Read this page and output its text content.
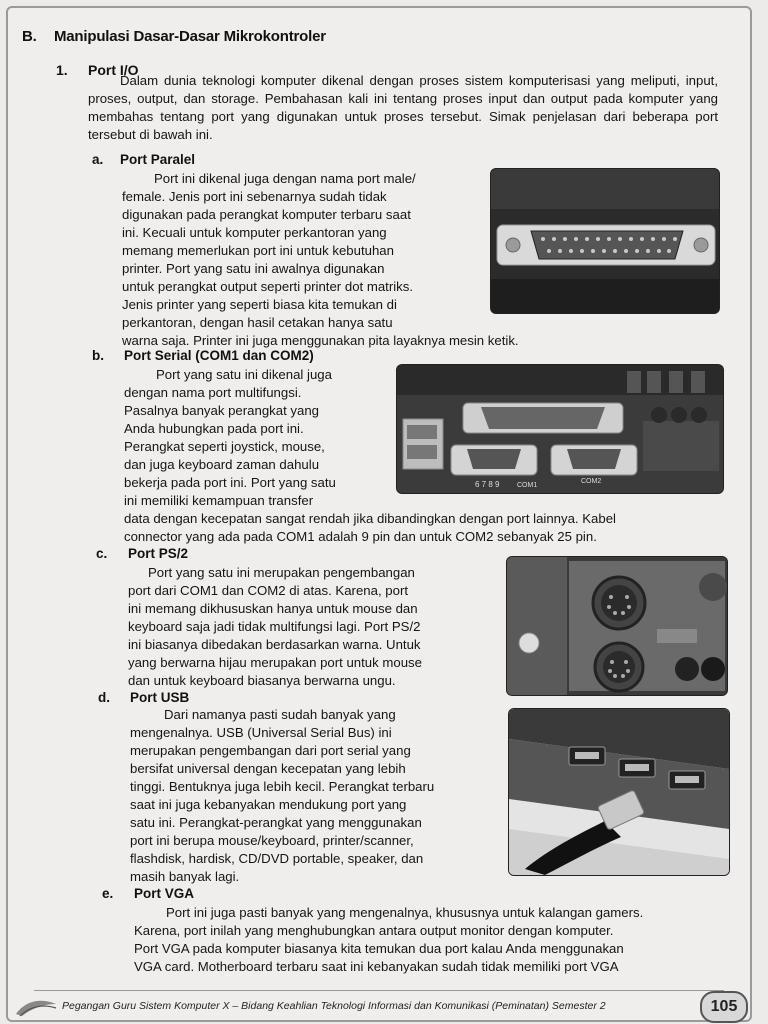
B. Manipulasi Dasar-Dasar Mikrokontroler
1. Port I/O

Dalam dunia teknologi komputer dikenal dengan proses sistem komputerisasi yang meliputi, input, proses, output, dan storage. Pembahasan kali ini tentang proses input dan output pada komputer yang membahas tentang port yang digunakan untuk proses tersebut. Simak penjelasan dari beberapa port tersebut di bawah ini.

a. Port Paralel

Port ini dikenal juga dengan nama port male/

female. Jenis port ini sebenarnya sudah tidak

digunakan pada perangkat komputer terbaru saat

ini. Kecuali untuk komputer perkantoran yang

memang memerlukan port ini untuk kebutuhan

printer. Port yang satu ini awalnya digunakan

untuk perangkat output seperti printer dot matriks.

Jenis printer yang seperti biasa kita temukan di

perkantoran, dengan hasil cetakan hanya satu

warna saja. Printer ini juga menggunakan pita layaknya mesin ketik.

b. Port Serial (COM1 dan COM2)

Port yang satu ini dikenal juga

dengan nama port multifungsi.

Pasalnya banyak perangkat yang

Anda hubungkan pada port ini.

Perangkat seperti joystick, mouse,

dan juga keyboard zaman dahulu

bekerja pada port ini. Port yang satu

ini memiliki kemampuan transfer

data dengan kecepatan sangat rendah jika dibandingkan dengan port lainnya. Kabel

connector yang ada pada COM1 adalah 9 pin dan untuk COM2 sebanyak 25 pin.

6 7 8 9	COM1
COM2
c. Port PS/2

Port yang satu ini merupakan pengembangan

port dari COM1 dan COM2 di atas. Karena, port

ini memang dikhususkan hanya untuk mouse dan

keyboard saja jadi tidak multifungsi lagi. Port PS/2

ini biasanya dibedakan berdasarkan warna. Untuk

yang berwarna hijau merupakan port untuk mouse

dan untuk keyboard biasanya berwarna ungu.

d. Port USB

Dari namanya pasti sudah banyak yang

mengenalnya. USB (Universal Serial Bus) ini

merupakan pengembangan dari port serial yang

bersifat universal dengan kecepatan yang lebih

tinggi. Bentuknya juga lebih kecil. Perangkat terbaru

saat ini juga kebanyakan mendukung port yang

satu ini. Perangkat-perangkat yang menggunakan

port ini berupa mouse/keyboard, printer/scanner,

flashdisk, hardisk, CD/DVD portable, speaker, dan

masih banyak lagi.

e. Port VGA

Port ini juga pasti banyak yang mengenalnya, khususnya untuk kalangan gamers.

Karena, port inilah yang menghubungkan antara output monitor dengan komputer.

Port VGA pada komputer biasanya kita temukan dua port kalau Anda menggunakan

VGA card. Motherboard terbaru saat ini kebanyakan sudah tidak memiliki port VGA

Pegangan Guru Sistem Komputer X – Bidang Keahlian Teknologi Informasi dan Komunikasi (Peminatan) Semester 2	105
